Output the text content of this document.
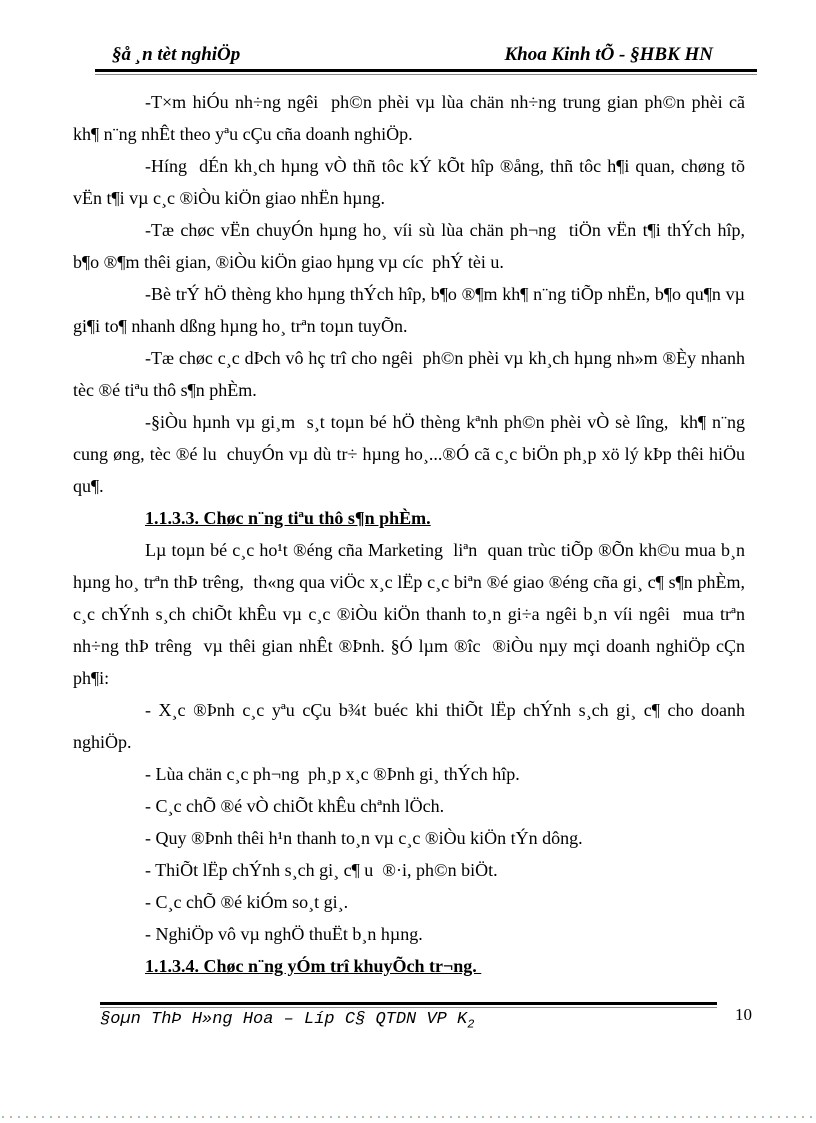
§å ¸n tèt nghiÖp	Khoa Kinh tÕ - §HBK HN

-T×m hiÓu nh÷ng ngêi  ph©n phèi vµ lùa chän nh÷ng trung gian ph©n phèi cã kh¶ n¨ng nhÊt theo yªu cÇu cña doanh nghiÖp.

-Híng  dÉn kh¸ch hµng vÒ thñ tôc kÝ kÕt hîp ®ång, thñ tôc h¶i quan, chøng tõ vËn t¶i vµ c¸c ®iÒu kiÖn giao nhËn hµng.

-Tæ chøc vËn chuyÓn hµng ho¸ víi sù lùa chän ph¬ng  tiÖn vËn t¶i thÝch hîp, b¶o ®¶m thêi gian, ®iÒu kiÖn giao hµng vµ cíc  phÝ tèi u.

-Bè trÝ hÖ thèng kho hµng thÝch hîp, b¶o ®¶m kh¶ n¨ng tiÕp nhËn, b¶o qu¶n vµ gi¶i to¶ nhanh dßng hµng ho¸ trªn toµn tuyÕn.

-Tæ chøc c¸c dÞch vô hç trî cho ngêi  ph©n phèi vµ kh¸ch hµng nh»m ®Èy nhanh tèc ®é tiªu thô s¶n phÈm.

-§iÒu hµnh vµ gi¸m  s¸t toµn bé hÖ thèng kªnh ph©n phèi vÒ sè lîng,  kh¶ n¨ng cung øng, tèc ®é lu  chuyÓn vµ dù tr÷ hµng ho¸...®Ó cã c¸c biÖn ph¸p xö lý kÞp thêi hiÖu qu¶.

1.1.3.3. Chøc n¨ng tiªu thô s¶n phÈm.

Lµ toµn bé c¸c ho¹t ®éng cña Marketing  liªn  quan trùc tiÕp ®Õn kh©u mua b¸n hµng ho¸ trªn thÞ trêng,  th«ng qua viÖc x¸c lËp c¸c biªn ®é giao ®éng cña gi¸ c¶ s¶n phÈm, c¸c chÝnh s¸ch chiÕt khÊu vµ c¸c ®iÒu kiÖn thanh to¸n gi÷a ngêi b¸n víi ngêi  mua trªn nh÷ng thÞ trêng  vµ thêi gian nhÊt ®Þnh. §Ó lµm ®îc  ®iÒu nµy mçi doanh nghiÖp cÇn ph¶i:

- X¸c ®Þnh c¸c yªu cÇu b¾t buéc khi thiÕt lËp chÝnh s¸ch gi¸ c¶ cho doanh nghiÖp.

- Lùa chän c¸c ph¬ng  ph¸p x¸c ®Þnh gi¸ thÝch hîp.

- C¸c chÕ ®é vÒ chiÕt khÊu chªnh lÖch.

- Quy ®Þnh thêi h¹n thanh to¸n vµ c¸c ®iÒu kiÖn tÝn dông.

- ThiÕt lËp chÝnh s¸ch gi¸ c¶ u  ®·i, ph©n biÖt.

- C¸c chÕ ®é kiÓm so¸t gi¸.

- NghiÖp vô vµ nghÖ thuËt b¸n hµng.

1.1.3.4. Chøc n¨ng yÓm trî khuyÕch tr¬ng.

§oµn ThÞ H»ng Hoa – Líp C§ QTDN VP $K_2$
10
